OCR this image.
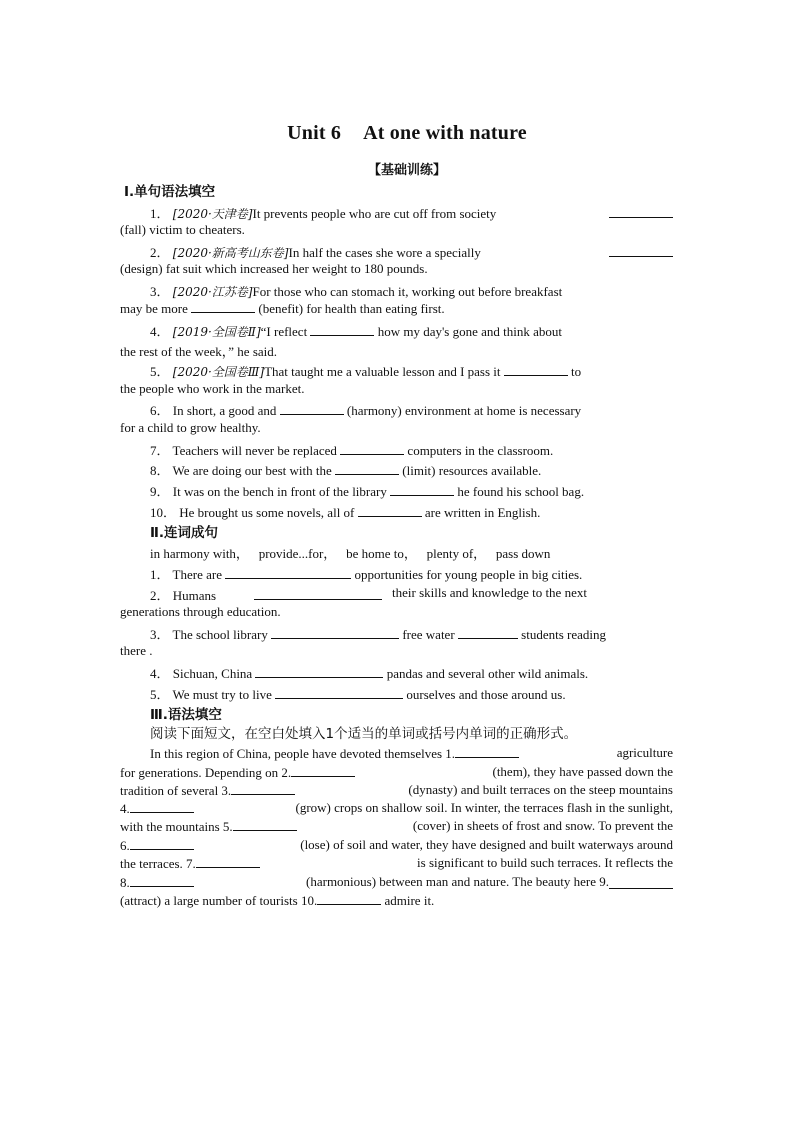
Unit 6 At one with nature
【基础训练】
Ⅰ.单句语法填空
1． [2020·天津卷]It prevents people who are cut off from society
(fall) victim to cheaters.
2． [2020·新高考山东卷]In half the cases she wore a specially
(design) fat suit which increased her weight to 180 pounds.
3． [2020·江苏卷]For those who can stomach it, working out before breakfast
may be more	(benefit) for health than eating first.
4． [2019·全国卷Ⅱ]“I reflect	how my day's gone and think about
the rest of the week，” he said.
5． [2020·全国卷Ⅲ]That taught me a valuable lesson and I pass it	to
the people who work in the market.
6． In short, a good and	(harmony) environment at home is necessary
for a child to grow healthy.
7． Teachers will never be replaced	computers in the classroom.
8． We are doing our best with the	(limit) resources available.
9． It was on the bench in front of the library	he found his school bag.
10． He brought us some novels, all of	are written in English.
Ⅱ.连词成句
in harmony with， provide...for， be home to， plenty of， pass down
1． There are	opportunities for young people in big cities.
2． Humans	their skills and knowledge to the next
generations through education.
3． The school library	free water	students reading
there .
4． Sichuan, China	pandas and several other wild animals.
5． We must try to live	ourselves and those around us.
Ⅲ.语法填空
阅读下面短文，在空白处填入1个适当的单词或括号内单词的正确形式。
In this region of China, people have devoted themselves 1.	agriculture
for generations. Depending on 2.	(them), they have passed down the
tradition of several 3.	(dynasty) and built terraces on the steep mountains
4.	(grow) crops on shallow soil. In winter, the terraces flash in the sunlight,
with the mountains 5.	(cover) in sheets of frost and snow. To prevent the
6.	(lose) of soil and water, they have designed and built waterways around
the terraces. 7.	is significant to build such terraces. It reflects the
8.	(harmonious) between man and nature. The beauty here 9.
(attract) a large number of tourists 10.	admire it.
